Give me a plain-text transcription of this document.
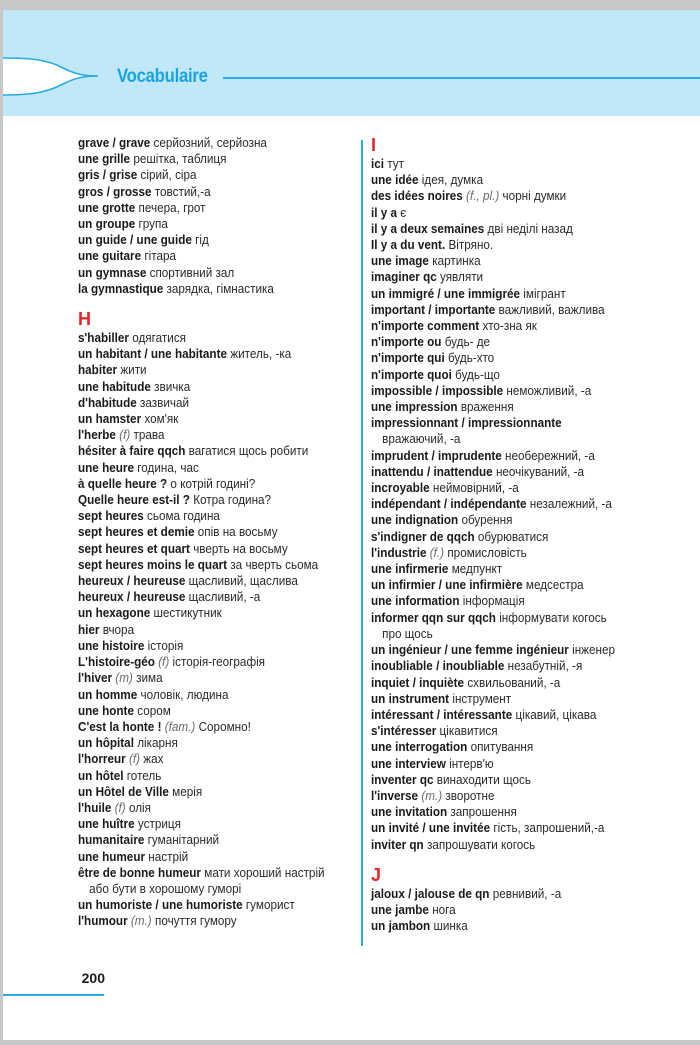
Vocabulaire
grave / grave серйозний, серйозна
une grille решітка, таблиця
gris / grise сірий, сіра
gros / grosse товстий,-а
une grotte печера, грот
un groupe група
un guide / une guide гід
une guitare гітара
un gymnase спортивний зал
la gymnastique зарядка, гімнастика
H
s'habiller одягатися
un habitant / une habitante житель, -ка
habiter жити
une habitude звичка
d'habitude зазвичай
un hamster хом'як
l'herbe (f) трава
hésiter à faire qqch вагатися щось робити
une heure година, час
à quelle heure ? о котрій годині?
Quelle heure est-il ? Котра година?
sept heures сьома година
sept heures et demie опів на восьму
sept heures et quart чверть на восьму
sept heures moins le quart за чверть сьома
heureux / heureuse щасливий, щаслива
heureux / heureuse щасливий, -а
un hexagone шестикутник
hier вчора
une histoire історія
L'histoire-géo (f) історія-географія
l'hiver (m) зима
un homme чоловік, людина
une honte сором
C'est la honte ! (fam.) Соромно!
un hôpital лікарня
l'horreur (f) жах
un hôtel готель
un Hôtel de Ville мерія
l'huile (f) олія
une huître устриця
humanitaire гуманітарний
une humeur настрій
être de bonne humeur мати хороший настрій
або бути в хорошому гуморі
un humoriste / une humoriste гуморист
l'humour (m.) почуття гумору
I
ici тут
une idée ідея, думка
des idées noires (f., pl.) чорні думки
il y a є
il y a deux semaines дві неділі назад
Il y a du vent. Вітряно.
une image картинка
imaginer qc уявляти
un immigré / une immigrée імігрант
important / importante важливий, важлива
n'importe comment хто-зна як
n'importe ou будь- де
n'importe qui будь-хто
n'importe quoi будь-що
impossible / impossible неможливий, -а
une impression враження
impressionnant / impressionnante
вражаючий, -а
imprudent / imprudente необережний, -а
inattendu / inattendue неочікуваний, -а
incroyable неймовірний, -а
indépendant / indépendante незалежний, -а
une indignation обурення
s'indigner de qqch обурюватися
l'industrie (f.) промисловість
une infirmerie медпункт
un infirmier / une infirmière медсестра
une information інформація
informer qqn sur qqch інформувати когось
про щось
un ingénieur / une femme ingénieur інженер
inoubliable / inoubliable незабутній, -я
inquiet / inquiète схвильований, -а
un instrument інструмент
intéressant / intéressante цікавий, цікава
s'intéresser цікавитися
une interrogation опитування
une interview інтерв'ю
inventer qc винаходити щось
l'inverse (m.) зворотне
une invitation запрошення
un invité / une invitée гість, запрошений,-а
inviter qn запрошувати когось
J
jaloux / jalouse de qn ревнивий, -а
une jambe нога
un jambon шинка
200
